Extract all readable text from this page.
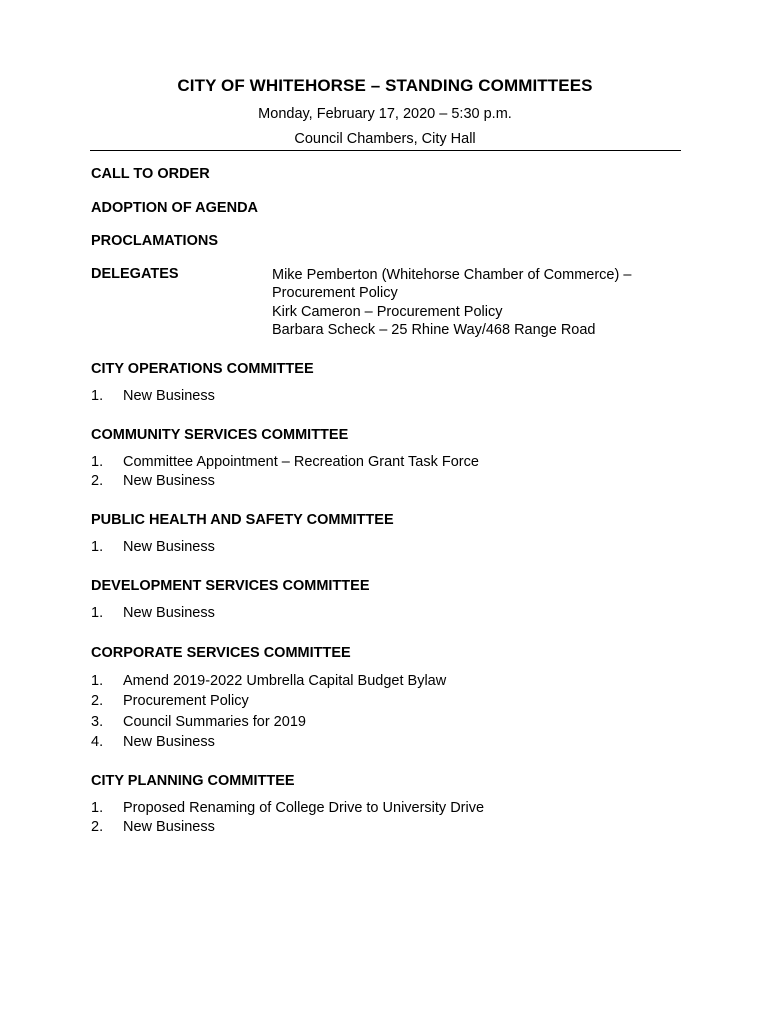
CITY OF WHITEHORSE – STANDING COMMITTEES
Monday, February 17, 2020 – 5:30 p.m.
Council Chambers, City Hall
CALL TO ORDER
ADOPTION OF AGENDA
PROCLAMATIONS
DELEGATES	Mike Pemberton (Whitehorse Chamber of Commerce) –
Procurement Policy
Kirk Cameron – Procurement Policy
Barbara Scheck – 25 Rhine Way/468 Range Road
CITY OPERATIONS COMMITTEE
1. New Business
COMMUNITY SERVICES COMMITTEE
1. Committee Appointment – Recreation Grant Task Force
2. New Business
PUBLIC HEALTH AND SAFETY COMMITTEE
1. New Business
DEVELOPMENT SERVICES COMMITTEE
1. New Business
CORPORATE SERVICES COMMITTEE
1. Amend 2019-2022 Umbrella Capital Budget Bylaw
2. Procurement Policy
3. Council Summaries for 2019
4. New Business
CITY PLANNING COMMITTEE
1. Proposed Renaming of College Drive to University Drive
2. New Business
